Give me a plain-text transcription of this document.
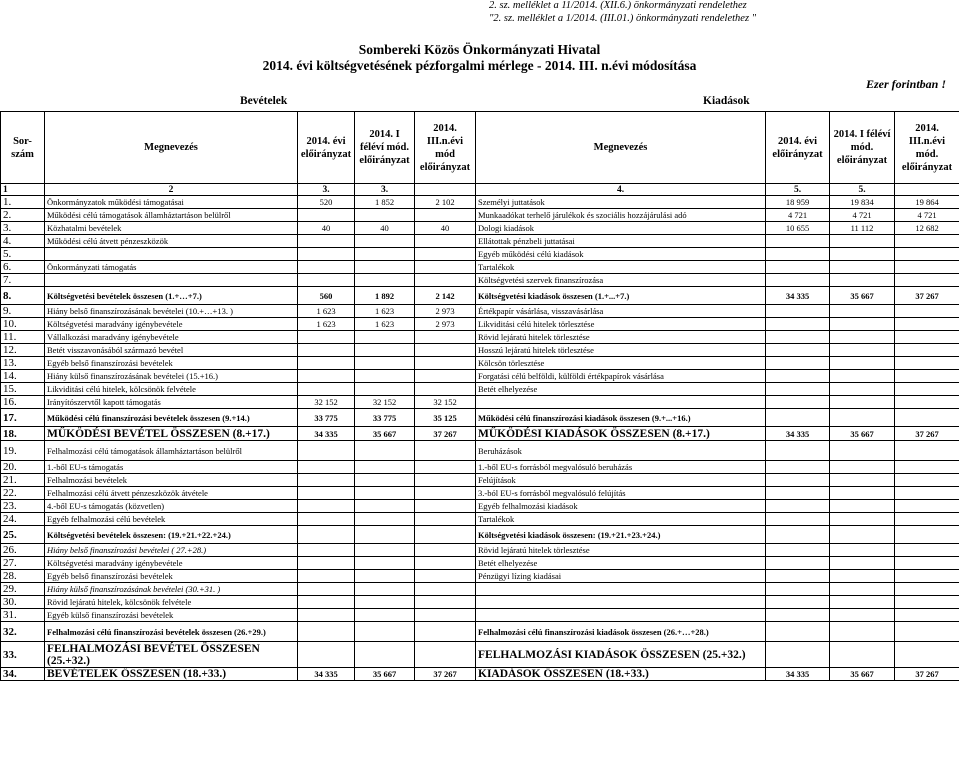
2. sz. melléklet a 11/2014. (XII.6.) önkormányzati rendelethez
"2. sz. melléklet a 1/2014. (III.01.) önkormányzati rendelethez "
Sombereki Közös Önkormányzati Hivatal
2014. évi költségvetésének pézforgalmi mérlege - 2014. III. n.évi módosítása
Ezer forintban !
Bevételek	Kiadások
Sor-szám	Megnevezés	2014. évi előirányzat	2014. I féléví mód. előirányzat	2014. III.n.évi mód előirányzat	Megnevezés	2014. évi előirányzat	2014. I féléví mód. előirányzat	2014. III.n.évi mód. előirányzat
1	2	3.	3.		4.	5.	5.	
1.	Önkormányzatok működési támogatásai	520	1 852	2 102	Személyi juttatások	18 959	19 834	19 864
2.	Működési célú támogatások államháztartáson belülről				Munkaadókat terhelő járulékok és szociális hozzájárulási adó	4 721	4 721	4 721
3.	Közhatalmi bevételek	40	40	40	Dologi kiadások	10 655	11 112	12 682
4.	Működési célú átvett pénzeszközök				Ellátottak pénzbeli juttatásai			
5.					Egyéb működési célú kiadások			
6.	Önkormányzati támogatás				Tartalékok			
7.					Költségvetési szervek finanszírozása			
8.	Költségvetési bevételek összesen (1.+…+7.)	560	1 892	2 142	Költségvetési kiadások összesen (1.+...+7.)	34 335	35 667	37 267
9.	Hiány belső finanszírozásának bevételei (10.+…+13. )	1 623	1 623	2 973	Értékpapír vásárlása, visszavásárlása			
10.	Költségvetési maradvány igénybevétele	1 623	1 623	2 973	Likviditási célú hitelek törlesztése			
11.	Vállalkozási maradvány igénybevétele				Rövid lejáratú hitelek törlesztése			
12.	Betét visszavonásából származó bevétel				Hosszú lejáratú hitelek törlesztése			
13.	Egyéb belső finanszírozási bevételek				Kölcsön törlesztése			
14.	Hiány külső finanszírozásának bevételei (15.+16.)				Forgatási célú belföldi, külföldi értékpapírok vásárlása			
15.	Likviditási célú hitelek, kölcsönök felvétele				Betét elhelyezése			
16.	Irányítószervtől kapott támogatás	32 152	32 152	32 152				
17.	Működési célú finanszírozási bevételek összesen (9.+14.)	33 775	33 775	35 125	Működési célú finanszírozási kiadások összesen (9.+...+16.)			
18.	MŰKÖDÉSI BEVÉTEL ÖSSZESEN (8.+17.)	34 335	35 667	37 267	MŰKÖDÉSI KIADÁSOK ÖSSZESEN (8.+17.)	34 335	35 667	37 267
19.	Felhalmozási célú támogatások államháztartáson belülről				Beruházások			
20.	1.-ből EU-s támogatás				1.-ből EU-s forrásból megvalósuló beruházás			
21.	Felhalmozási bevételek				Felújítások			
22.	Felhalmozási célú átvett pénzeszközök átvétele				3.-ból EU-s forrásból megvalósuló felújítás			
23.	4.-ből EU-s támogatás (közvetlen)				Egyéb felhalmozási kiadások			
24.	Egyéb felhalmozási célú bevételek				Tartalékok			
25.	Költségvetési bevételek összesen: (19.+21.+22.+24.)				Költségvetési kiadások összesen: (19.+21.+23.+24.)			
26.	Hiány belső finanszírozási bevételei ( 27.+28.)				Rövid lejáratú hitelek törlesztése			
27.	Költségvetési maradvány igénybevétele				Betét elhelyezése			
28.	Egyéb belső finanszírozási bevételek				Pénzügyi lízing kiadásai			
29.	Hiány külső finanszírozásának bevételei (30.+31. )							
30.	Rövid lejáratú hitelek, kölcsönök felvétele							
31.	Egyéb külső finanszírozási bevételek							
32.	Felhalmozási célú finanszírozási bevételek összesen (26.+29.)				Felhalmozási célú finanszírozási kiadások összesen (26.+…+28.)			
33.	FELHALMOZÁSI BEVÉTEL ÖSSZESEN (25.+32.)				FELHALMOZÁSI KIADÁSOK ÖSSZESEN (25.+32.)			
34.	BEVÉTELEK ÖSSZESEN (18.+33.)	34 335	35 667	37 267	KIADÁSOK ÖSSZESEN (18.+33.)	34 335	35 667	37 267
